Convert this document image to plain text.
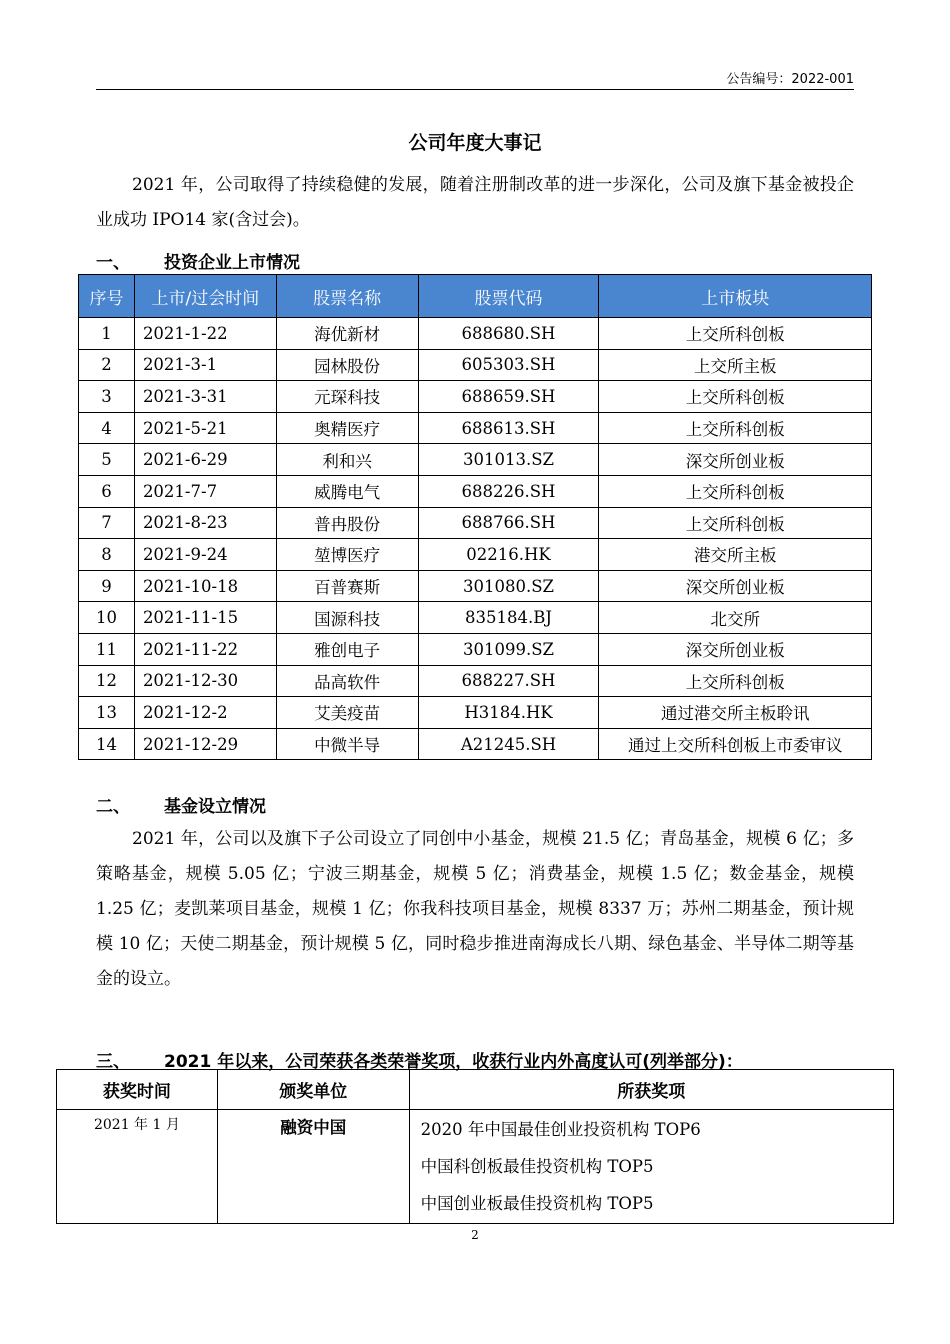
公告编号：2022-001
公司年度大事记
2021 年，公司取得了持续稳健的发展，随着注册制改革的进一步深化，公司及旗下基金被投企业成功 IPO14 家(含过会)。
一、 投资企业上市情况
序号	上市/过会时间	股票名称	股票代码	上市板块
1	2021-1-22	海优新材	688680.SH	上交所科创板
2	2021-3-1	园林股份	605303.SH	上交所主板
3	2021-3-31	元琛科技	688659.SH	上交所科创板
4	2021-5-21	奥精医疗	688613.SH	上交所科创板
5	2021-6-29	利和兴	301013.SZ	深交所创业板
6	2021-7-7	威腾电气	688226.SH	上交所科创板
7	2021-8-23	普冉股份	688766.SH	上交所科创板
8	2021-9-24	堃博医疗	02216.HK	港交所主板
9	2021-10-18	百普赛斯	301080.SZ	深交所创业板
10	2021-11-15	国源科技	835184.BJ	北交所
11	2021-11-22	雅创电子	301099.SZ	深交所创业板
12	2021-12-30	品高软件	688227.SH	上交所科创板
13	2021-12-2	艾美疫苗	H3184.HK	通过港交所主板聆讯
14	2021-12-29	中微半导	A21245.SH	通过上交所科创板上市委审议
二、 基金设立情况
2021 年，公司以及旗下子公司设立了同创中小基金，规模 21.5 亿；青岛基金，规模 6 亿；多策略基金，规模 5.05 亿；宁波三期基金，规模 5 亿；消费基金，规模 1.5 亿；数金基金，规模 1.25 亿；麦凯莱项目基金，规模 1 亿；你我科技项目基金，规模 8337 万；苏州二期基金，预计规模 10 亿；天使二期基金，预计规模 5 亿，同时稳步推进南海成长八期、绿色基金、半导体二期等基金的设立。
三、 2021 年以来，公司荣获各类荣誉奖项，收获行业内外高度认可(列举部分)：
获奖时间	颁奖单位	所获奖项
2021 年 1 月	融资中国	2020 年中国最佳创业投资机构 TOP6
中国科创板最佳投资机构 TOP5
中国创业板最佳投资机构 TOP5
2
